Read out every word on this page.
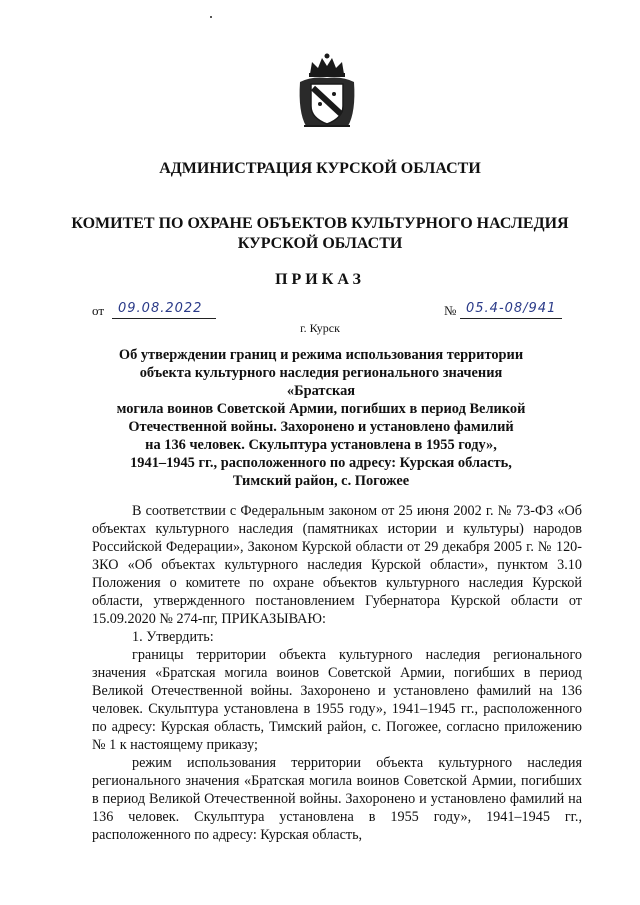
АДМИНИСТРАЦИЯ КУРСКОЙ ОБЛАСТИ
КОМИТЕТ ПО ОХРАНЕ ОБЪЕКТОВ КУЛЬТУРНОГО НАСЛЕДИЯ
КУРСКОЙ ОБЛАСТИ
ПРИКАЗ
от 09.08.2022	№ 05.4-08/941
г. Курск
Об утверждении границ и режима использования территории
объекта культурного наследия регионального значения «Братская
могила воинов Советской Армии, погибших в период Великой
Отечественной войны. Захоронено и установлено фамилий
на 136 человек. Скульптура установлена в 1955 году»,
1941–1945 гг., расположенного по адресу: Курская область,
Тимский район, с. Погожее

В соответствии с Федеральным законом от 25 июня 2002 г. № 73-ФЗ «Об объектах культурного наследия (памятниках истории и культуры) народов Российской Федерации», Законом Курской области от 29 декабря 2005 г. № 120-ЗКО «Об объектах культурного наследия Курской области», пунктом 3.10 Положения о комитете по охране объектов культурного наследия Курской области, утвержденного постановлением Губернатора Курской области от 15.09.2020 № 274-пг, ПРИКАЗЫВАЮ:

1. Утвердить:

границы территории объекта культурного наследия регионального значения «Братская могила воинов Советской Армии, погибших в период Великой Отечественной войны. Захоронено и установлено фамилий на 136 человек. Скульптура установлена в 1955 году», 1941–1945 гг., расположенного по адресу: Курская область, Тимский район, с. Погожее, согласно приложению № 1 к настоящему приказу;

режим использования территории объекта культурного наследия регионального значения «Братская могила воинов Советской Армии, погибших в период Великой Отечественной войны. Захоронено и установлено фамилий на 136 человек. Скульптура установлена в 1955 году», 1941–1945 гг., расположенного по адресу: Курская область,
